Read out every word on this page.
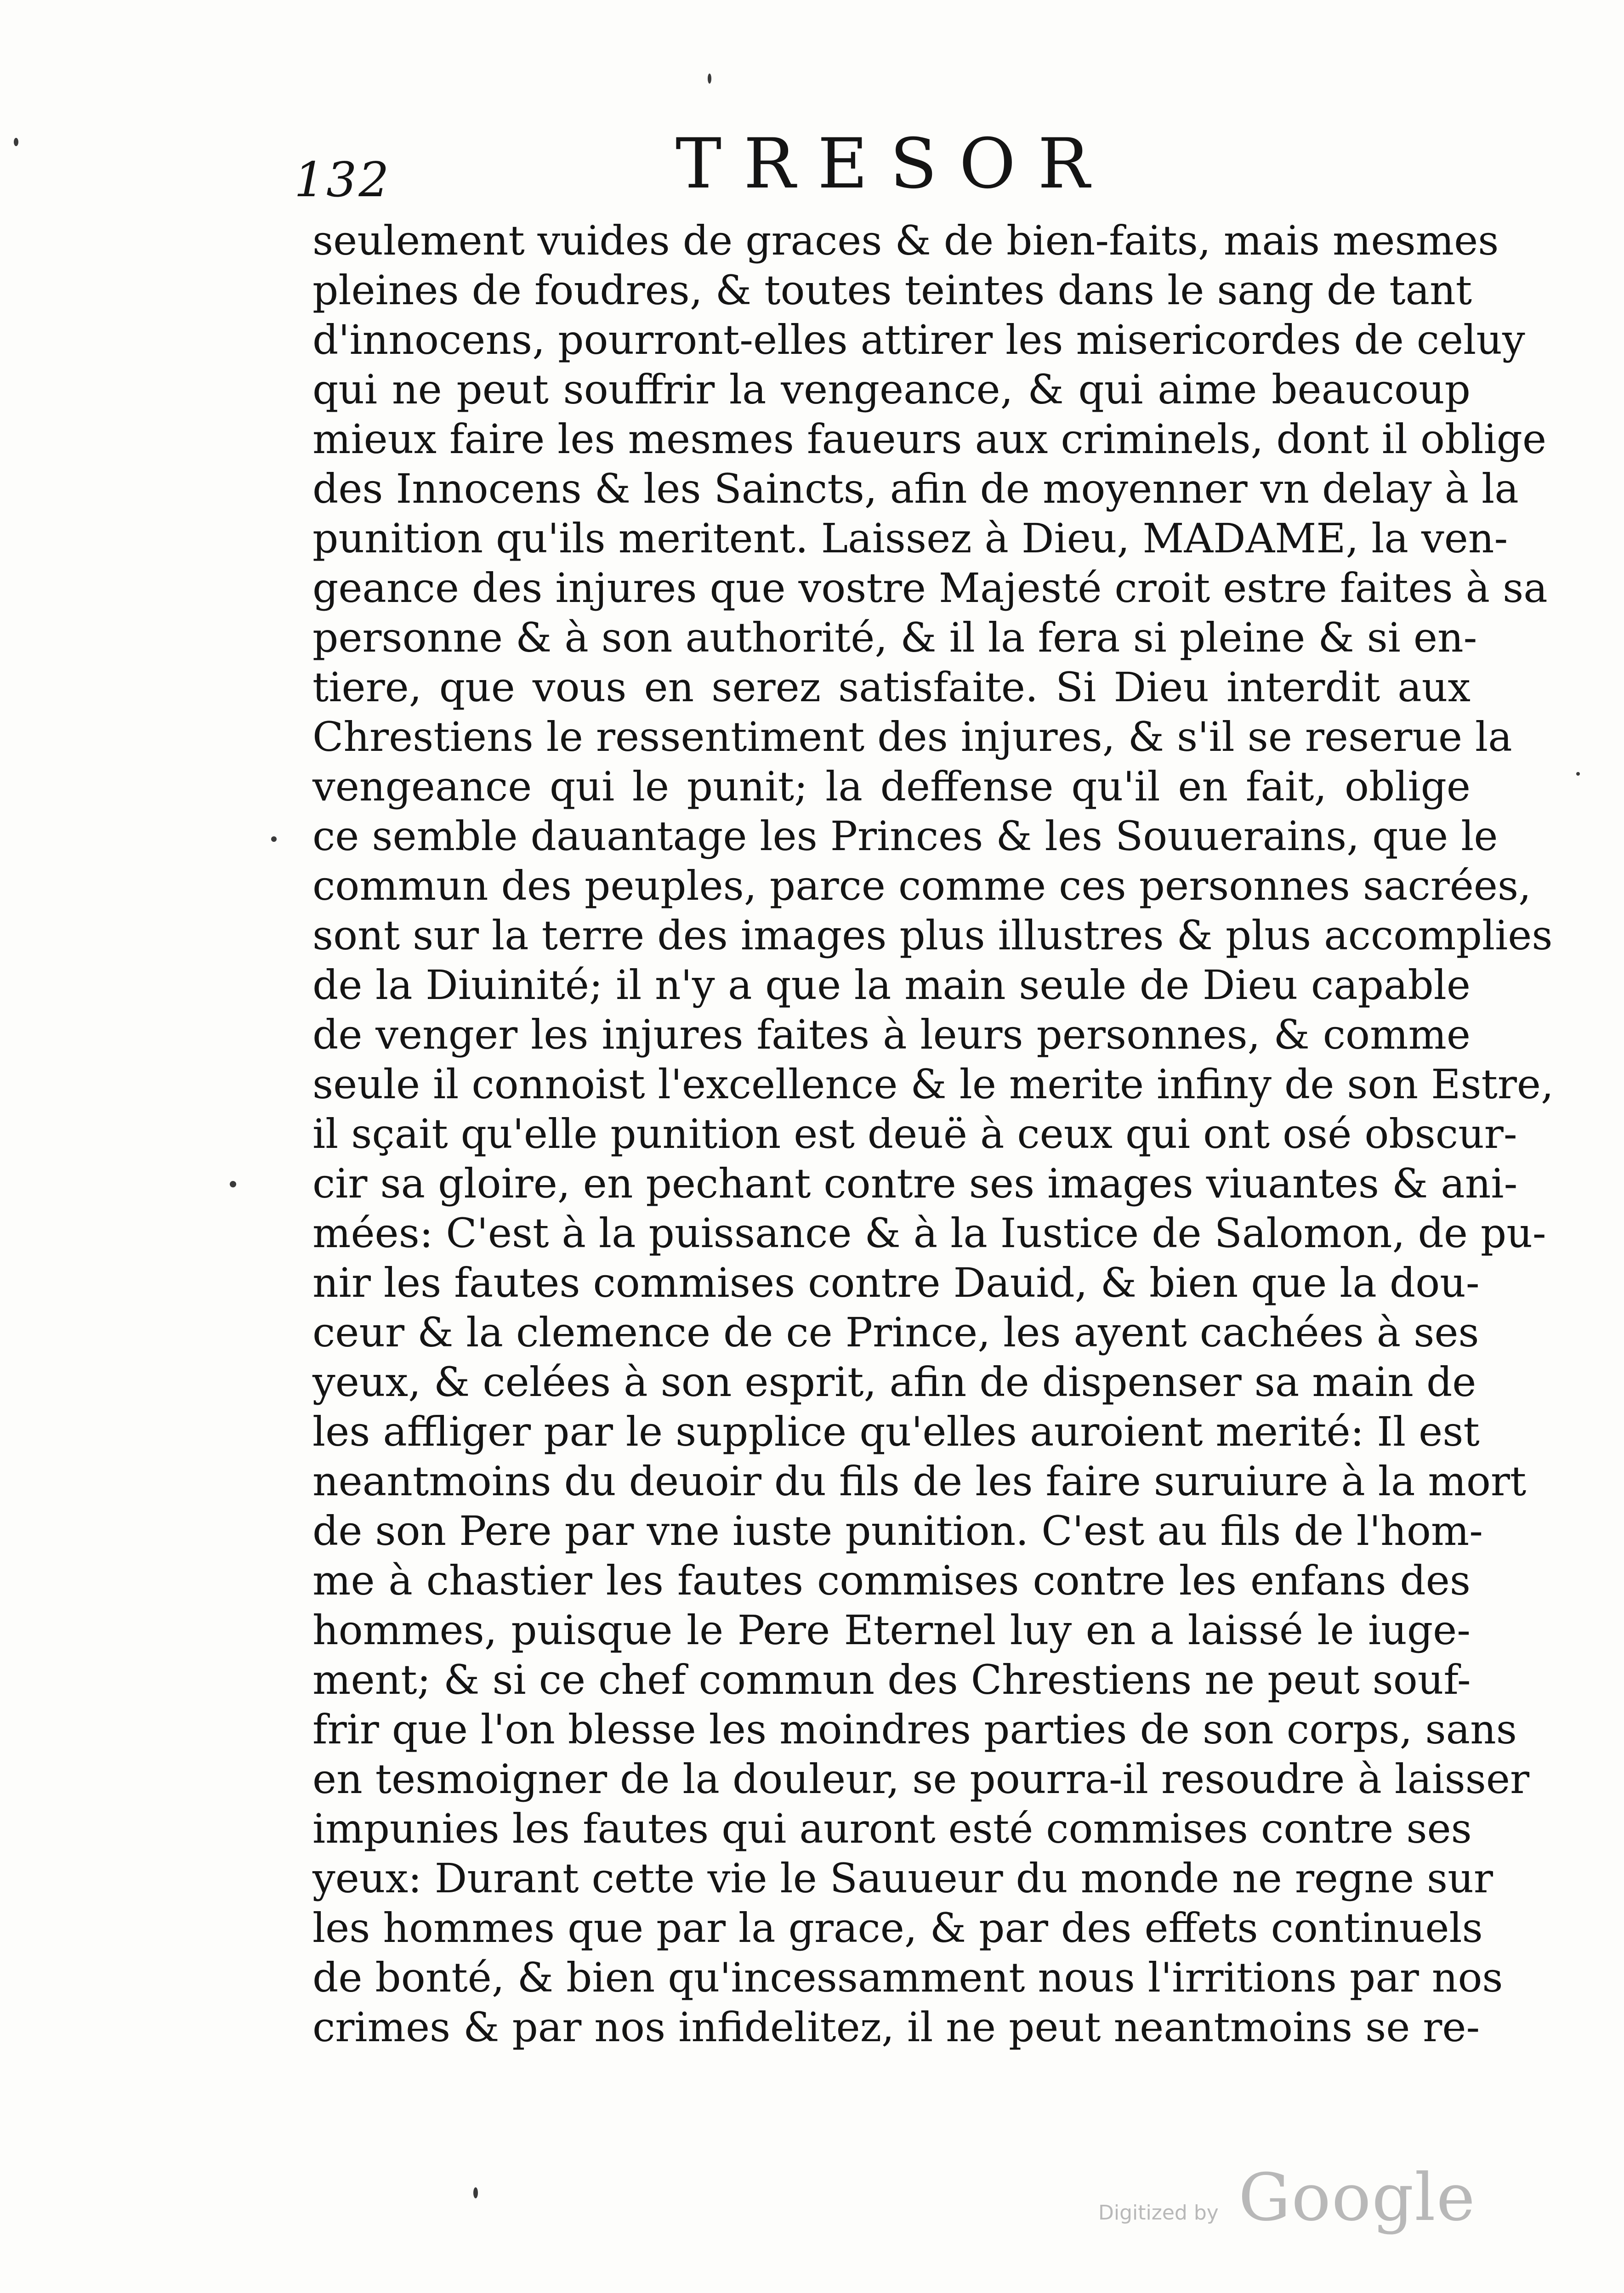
132	TRESOR
seulement vuides de graces & de bien-faits, mais mesmes
pleines de foudres, & toutes teintes dans le sang de tant
d'innocens, pourront-elles attirer les misericordes de celuy
qui ne peut souffrir la vengeance, & qui aime beaucoup
mieux faire les mesmes faueurs aux criminels, dont il oblige
des Innocens & les Saincts, afin de moyenner vn delay à la
punition qu'ils meritent. Laissez à Dieu, MADAME, la ven-
geance des injures que vostre Majesté croit estre faites à sa
personne & à son authorité, & il la fera si pleine & si en-
tiere, que vous en serez satisfaite. Si Dieu interdit aux
Chrestiens le ressentiment des injures, & s'il se reserue la
vengeance qui le punit; la deffense qu'il en fait, oblige
ce semble dauantage les Princes & les Souuerains, que le
commun des peuples, parce comme ces personnes sacrées,
sont sur la terre des images plus illustres & plus accomplies
de la Diuinité; il n'y a que la main seule de Dieu capable
de venger les injures faites à leurs personnes, & comme
seule il connoist l'excellence & le merite infiny de son Estre,
il sçait qu'elle punition est deuë à ceux qui ont osé obscur-
cir sa gloire, en pechant contre ses images viuantes & ani-
mées: C'est à la puissance & à la Iustice de Salomon, de pu-
nir les fautes commises contre Dauid, & bien que la dou-
ceur & la clemence de ce Prince, les ayent cachées à ses
yeux, & celées à son esprit, afin de dispenser sa main de
les affliger par le supplice qu'elles auroient merité: Il est
neantmoins du deuoir du fils de les faire suruiure à la mort
de son Pere par vne iuste punition. C'est au fils de l'hom-
me à chastier les fautes commises contre les enfans des
hommes, puisque le Pere Eternel luy en a laissé le iuge-
ment; & si ce chef commun des Chrestiens ne peut souf-
frir que l'on blesse les moindres parties de son corps, sans
en tesmoigner de la douleur, se pourra-il resoudre à laisser
impunies les fautes qui auront esté commises contre ses
yeux: Durant cette vie le Sauueur du monde ne regne sur
les hommes que par la grace, & par des effets continuels
de bonté, & bien qu'incessamment nous l'irritions par nos
crimes & par nos infidelitez, il ne peut neantmoins se re-
Digitized by Google
